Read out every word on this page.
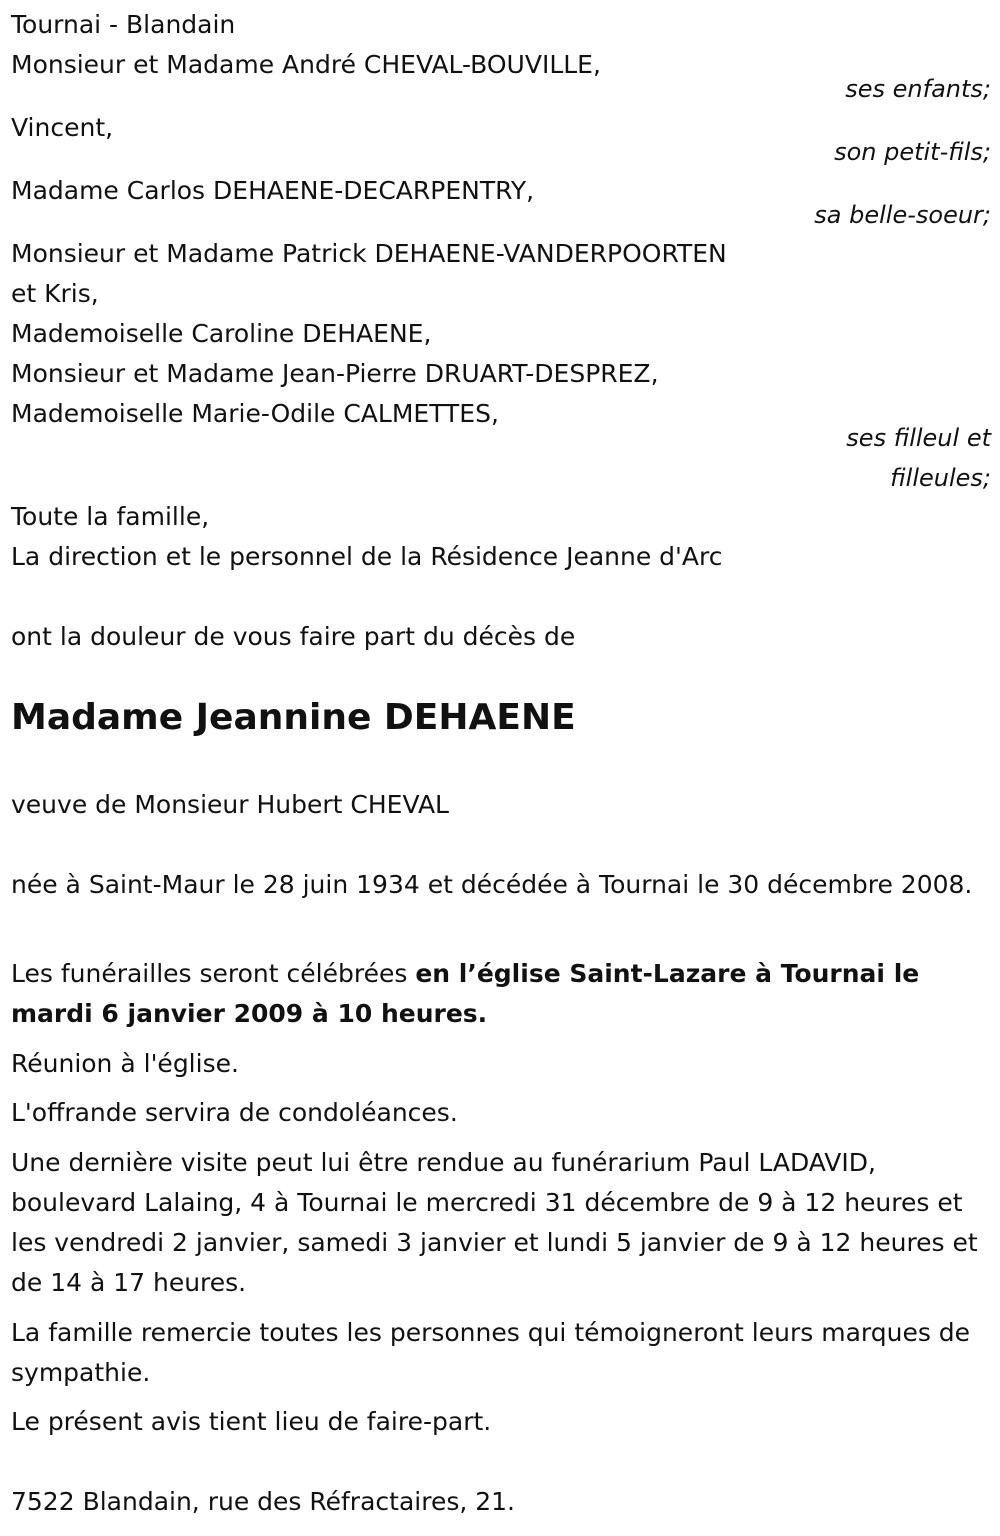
Tournai - Blandain
Monsieur et Madame André CHEVAL-BOUVILLE,
ses enfants;
Vincent,
son petit-fils;
Madame Carlos DEHAENE-DECARPENTRY,
sa belle-soeur;
Monsieur et Madame Patrick DEHAENE-VANDERPOORTEN
et Kris,
Mademoiselle Caroline DEHAENE,
Monsieur et Madame Jean-Pierre DRUART-DESPREZ,
Mademoiselle Marie-Odile CALMETTES,
ses filleul et
filleules;
Toute la famille,
La direction et le personnel de la Résidence Jeanne d'Arc
ont la douleur de vous faire part du décès de
Madame Jeannine DEHAENE
veuve de Monsieur Hubert CHEVAL
née à Saint-Maur le 28 juin 1934 et décédée à Tournai le 30 décembre 2008.
Les funérailles seront célébrées en l’église Saint-Lazare à Tournai le mardi 6 janvier 2009 à 10 heures.
Réunion à l'église.
L'offrande servira de condoléances.
Une dernière visite peut lui être rendue au funérarium Paul LADAVID, boulevard Lalaing, 4 à Tournai le mercredi 31 décembre de 9 à 12 heures et les vendredi 2 janvier, samedi 3 janvier et lundi 5 janvier de 9 à 12 heures et de 14 à 17 heures.
La famille remercie toutes les personnes qui témoigneront leurs marques de sympathie.
Le présent avis tient lieu de faire-part.
7522 Blandain, rue des Réfractaires, 21.
